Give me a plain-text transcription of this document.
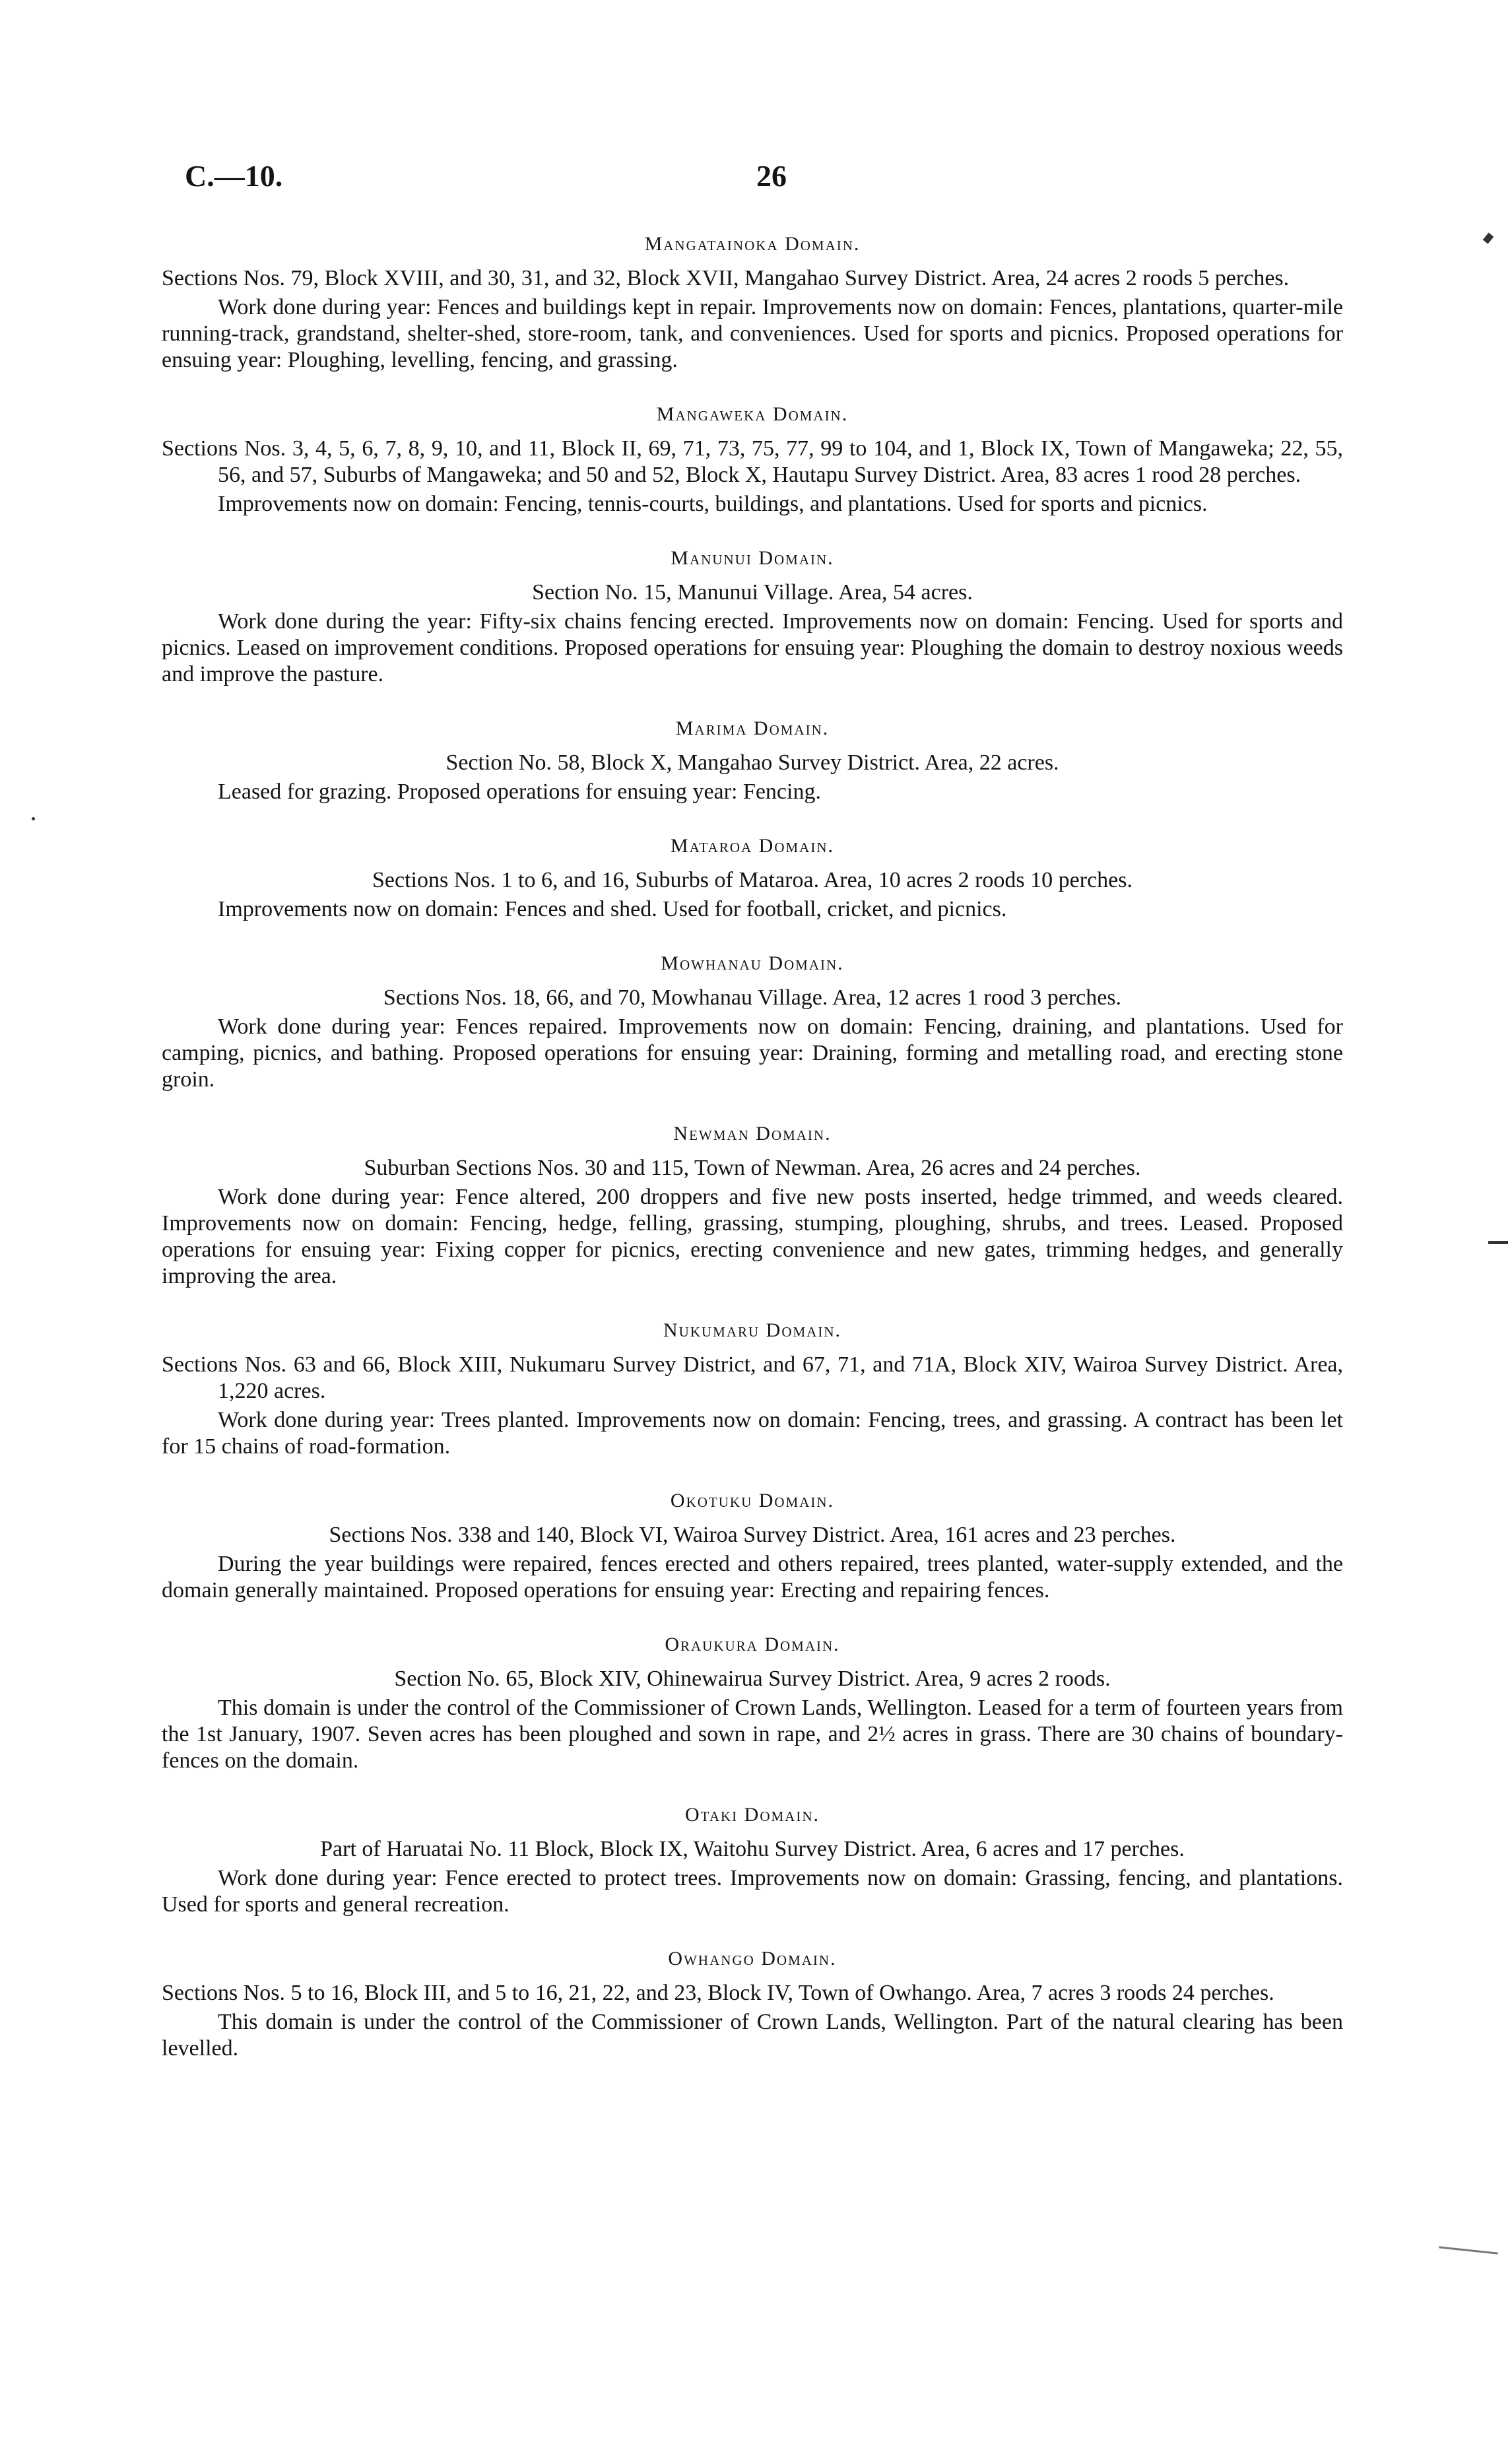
C.—10.	26
Mangatainoka Domain.

Sections Nos. 79, Block XVIII, and 30, 31, and 32, Block XVII, Mangahao Survey District. Area, 24 acres 2 roods 5 perches.

Work done during year: Fences and buildings kept in repair. Improvements now on domain: Fences, plantations, quarter-mile running-track, grandstand, shelter-shed, store-room, tank, and conveniences. Used for sports and picnics. Proposed operations for ensuing year: Ploughing, levelling, fencing, and grassing.

Mangaweka Domain.

Sections Nos. 3, 4, 5, 6, 7, 8, 9, 10, and 11, Block II, 69, 71, 73, 75, 77, 99 to 104, and 1, Block IX, Town of Mangaweka; 22, 55, 56, and 57, Suburbs of Mangaweka; and 50 and 52, Block X, Hautapu Survey District. Area, 83 acres 1 rood 28 perches.

Improvements now on domain: Fencing, tennis-courts, buildings, and plantations. Used for sports and picnics.

Manunui Domain.

Section No. 15, Manunui Village. Area, 54 acres.

Work done during the year: Fifty-six chains fencing erected. Improvements now on domain: Fencing. Used for sports and picnics. Leased on improvement conditions. Proposed operations for ensuing year: Ploughing the domain to destroy noxious weeds and improve the pasture.

Marima Domain.

Section No. 58, Block X, Mangahao Survey District. Area, 22 acres.

Leased for grazing. Proposed operations for ensuing year: Fencing.

Mataroa Domain.

Sections Nos. 1 to 6, and 16, Suburbs of Mataroa. Area, 10 acres 2 roods 10 perches.

Improvements now on domain: Fences and shed. Used for football, cricket, and picnics.

Mowhanau Domain.

Sections Nos. 18, 66, and 70, Mowhanau Village. Area, 12 acres 1 rood 3 perches.

Work done during year: Fences repaired. Improvements now on domain: Fencing, draining, and plantations. Used for camping, picnics, and bathing. Proposed operations for ensuing year: Draining, forming and metalling road, and erecting stone groin.

Newman Domain.

Suburban Sections Nos. 30 and 115, Town of Newman. Area, 26 acres and 24 perches.

Work done during year: Fence altered, 200 droppers and five new posts inserted, hedge trimmed, and weeds cleared. Improvements now on domain: Fencing, hedge, felling, grassing, stumping, ploughing, shrubs, and trees. Leased. Proposed operations for ensuing year: Fixing copper for picnics, erecting convenience and new gates, trimming hedges, and generally improving the area.

Nukumaru Domain.

Sections Nos. 63 and 66, Block XIII, Nukumaru Survey District, and 67, 71, and 71A, Block XIV, Wairoa Survey District. Area, 1,220 acres.

Work done during year: Trees planted. Improvements now on domain: Fencing, trees, and grassing. A contract has been let for 15 chains of road-formation.

Okotuku Domain.

Sections Nos. 338 and 140, Block VI, Wairoa Survey District. Area, 161 acres and 23 perches.

During the year buildings were repaired, fences erected and others repaired, trees planted, water-supply extended, and the domain generally maintained. Proposed operations for ensuing year: Erecting and repairing fences.

Oraukura Domain.

Section No. 65, Block XIV, Ohinewairua Survey District. Area, 9 acres 2 roods.

This domain is under the control of the Commissioner of Crown Lands, Wellington. Leased for a term of fourteen years from the 1st January, 1907. Seven acres has been ploughed and sown in rape, and 2½ acres in grass. There are 30 chains of boundary-fences on the domain.

Otaki Domain.

Part of Haruatai No. 11 Block, Block IX, Waitohu Survey District. Area, 6 acres and 17 perches.

Work done during year: Fence erected to protect trees. Improvements now on domain: Grassing, fencing, and plantations. Used for sports and general recreation.

Owhango Domain.

Sections Nos. 5 to 16, Block III, and 5 to 16, 21, 22, and 23, Block IV, Town of Owhango. Area, 7 acres 3 roods 24 perches.

This domain is under the control of the Commissioner of Crown Lands, Wellington. Part of the natural clearing has been levelled.
